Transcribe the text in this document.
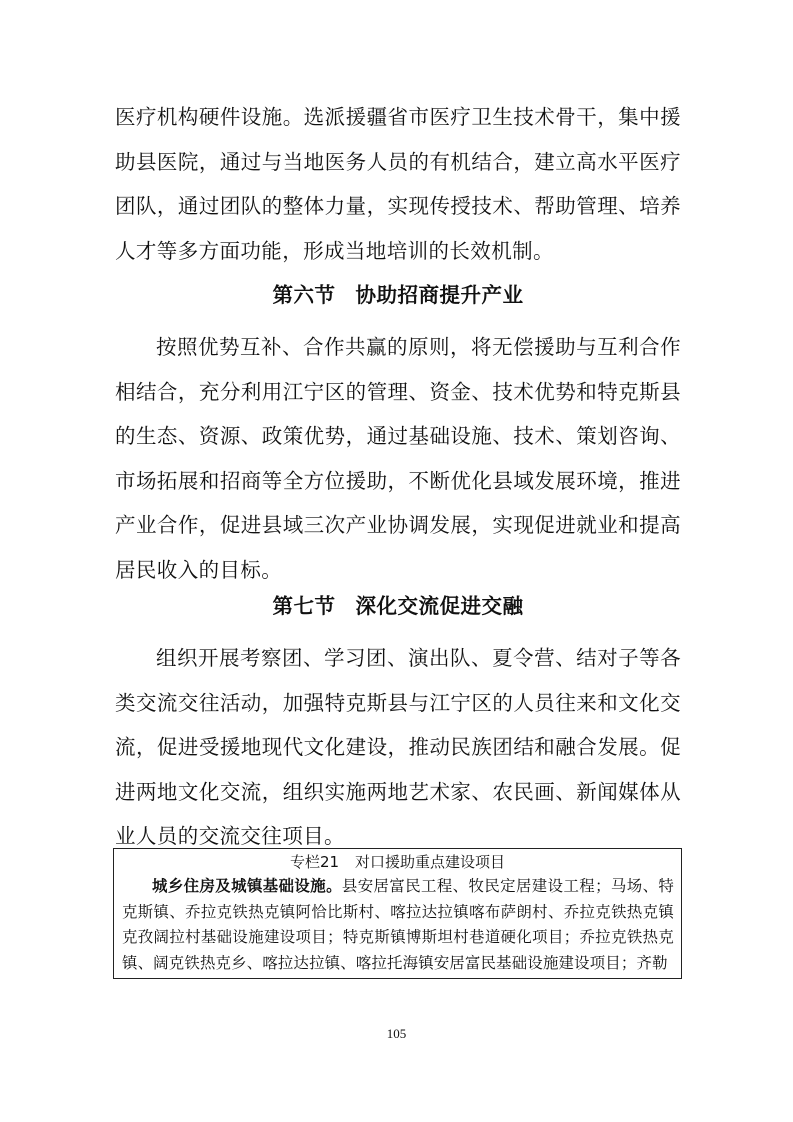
医疗机构硬件设施。选派援疆省市医疗卫生技术骨干，集中援助县医院，通过与当地医务人员的有机结合，建立高水平医疗团队，通过团队的整体力量，实现传授技术、帮助管理、培养人才等多方面功能，形成当地培训的长效机制。

第六节 协助招商提升产业

按照优势互补、合作共赢的原则，将无偿援助与互利合作相结合，充分利用江宁区的管理、资金、技术优势和特克斯县的生态、资源、政策优势，通过基础设施、技术、策划咨询、市场拓展和招商等全方位援助，不断优化县域发展环境，推进产业合作，促进县域三次产业协调发展，实现促进就业和提高居民收入的目标。

第七节 深化交流促进交融

组织开展考察团、学习团、演出队、夏令营、结对子等各类交流交往活动，加强特克斯县与江宁区的人员往来和文化交流，促进受援地现代文化建设，推动民族团结和融合发展。促进两地文化交流，组织实施两地艺术家、农民画、新闻媒体从业人员的交流交往项目。

专栏21 对口援助重点建设项目

城乡住房及城镇基础设施。县安居富民工程、牧民定居建设工程；马场、特克斯镇、乔拉克铁热克镇阿恰比斯村、喀拉达拉镇喀布萨朗村、乔拉克铁热克镇克孜阔拉村基础设施建设项目；特克斯镇博斯坦村巷道硬化项目；乔拉克铁热克镇、阔克铁热克乡、喀拉达拉镇、喀拉托海镇安居富民基础设施建设项目；齐勒

105
